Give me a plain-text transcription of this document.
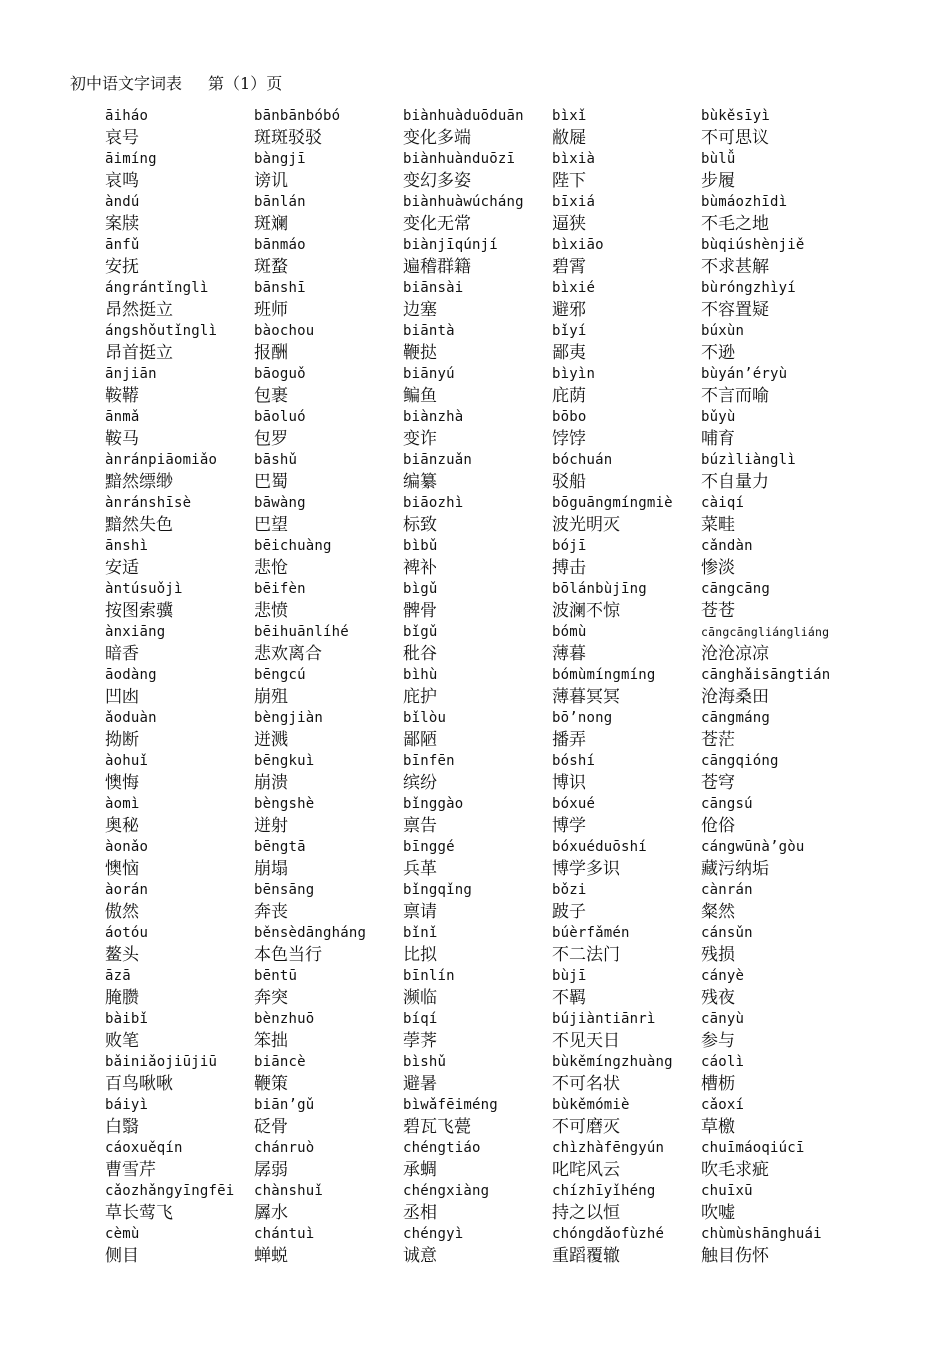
初中语文字词表 第（1）页
āiháo
哀号
āimíng
哀鸣
àndú
案牍
ānfǔ
安抚
ángrántǐnglì
昂然挺立
ángshǒutǐnglì
昂首挺立
ānjiān
鞍鞯
ānmǎ
鞍马
ànránpiāomiǎo
黯然缥缈
ànránshīsè
黯然失色
ānshì
安适
àntúsuǒjì
按图索骥
ànxiāng
暗香
āodàng
凹凼
ǎoduàn
拗断
àohuǐ
懊悔
àomì
奥秘
àonǎo
懊恼
àorán
傲然
áotóu
鳌头
āzā
腌臜
bàibǐ
败笔
bǎiniǎojiūjiū
百鸟啾啾
báiyì
白翳
cáoxuěqín
曹雪芹
cǎozhǎngyīngfēi
草长莺飞
cèmù
侧目
bānbānbóbó
斑斑驳驳
bàngjī
谤讥
bānlán
斑斓
bānmáo
斑蝥
bānshī
班师
bàochou
报酬
bāoguǒ
包裹
bāoluó
包罗
bāshǔ
巴蜀
bāwàng
巴望
bēichuàng
悲怆
bēifèn
悲愤
bēihuānlíhé
悲欢离合
bēngcú
崩殂
bèngjiàn
迸溅
bēngkuì
崩溃
bèngshè
迸射
bēngtā
崩塌
bēnsāng
奔丧
běnsèdāngháng
本色当行
bēntū
奔突
bènzhuō
笨拙
biāncè
鞭策
biān’gǔ
砭骨
chánruò
孱弱
chànshuǐ
羼水
chántuì
蝉蜕
biànhuàduōduān
变化多端
biànhuànduōzī
变幻多姿
biànhuàwúcháng
变化无常
biànjīqúnjí
遍稽群籍
biānsài
边塞
biāntà
鞭挞
biānyú
鳊鱼
biànzhà
变诈
biānzuǎn
编纂
biāozhì
标致
bìbǔ
裨补
bìgǔ
髀骨
bǐgǔ
秕谷
bìhù
庇护
bǐlòu
鄙陋
bīnfēn
缤纷
bǐnggào
禀告
bīnggé
兵革
bǐngqǐng
禀请
bǐnǐ
比拟
bīnlín
濒临
bíqí
荸荠
bìshǔ
避暑
bìwǎfēiméng
碧瓦飞甍
chéngtiáo
承蜩
chéngxiàng
丞相
chéngyì
诚意
bìxǐ
敝屣
bìxià
陛下
bīxiá
逼狭
bìxiāo
碧霄
bìxié
避邪
bǐyí
鄙夷
bìyìn
庇荫
bōbo
饽饽
bóchuán
驳船
bōguāngmíngmiè
波光明灭
bójī
搏击
bōlánbùjīng
波澜不惊
bómù
薄暮
bómùmíngmíng
薄暮冥冥
bō’nong
播弄
bóshí
博识
bóxué
博学
bóxuéduōshí
博学多识
bǒzi
跛子
búèrfǎmén
不二法门
bùjī
不羁
bújiàntiānrì
不见天日
bùkěmíngzhuàng
不可名状
bùkěmómiè
不可磨灭
chìzhàfēngyún
叱咤风云
chízhīyǐhéng
持之以恒
chóngdǎofùzhé
重蹈覆辙
bùkěsīyì
不可思议
bùlǚ
步履
bùmáozhīdì
不毛之地
bùqiúshènjiě
不求甚解
bùróngzhìyí
不容置疑
búxùn
不逊
bùyán’éryù
不言而喻
bǔyù
哺育
búzìliànglì
不自量力
càiqí
菜畦
cǎndàn
惨淡
cāngcāng
苍苍
cāngcāngliángliáng
沧沧凉凉
cānghǎisāngtián
沧海桑田
cāngmáng
苍茫
cāngqióng
苍穹
cāngsú
伧俗
cángwūnà’gòu
藏污纳垢
cànrán
粲然
cánsǔn
残损
cányè
残夜
cānyù
参与
cáolì
槽枥
cǎoxí
草檄
chuīmáoqiúcī
吹毛求疵
chuīxū
吹嘘
chùmùshānghuái
触目伤怀
